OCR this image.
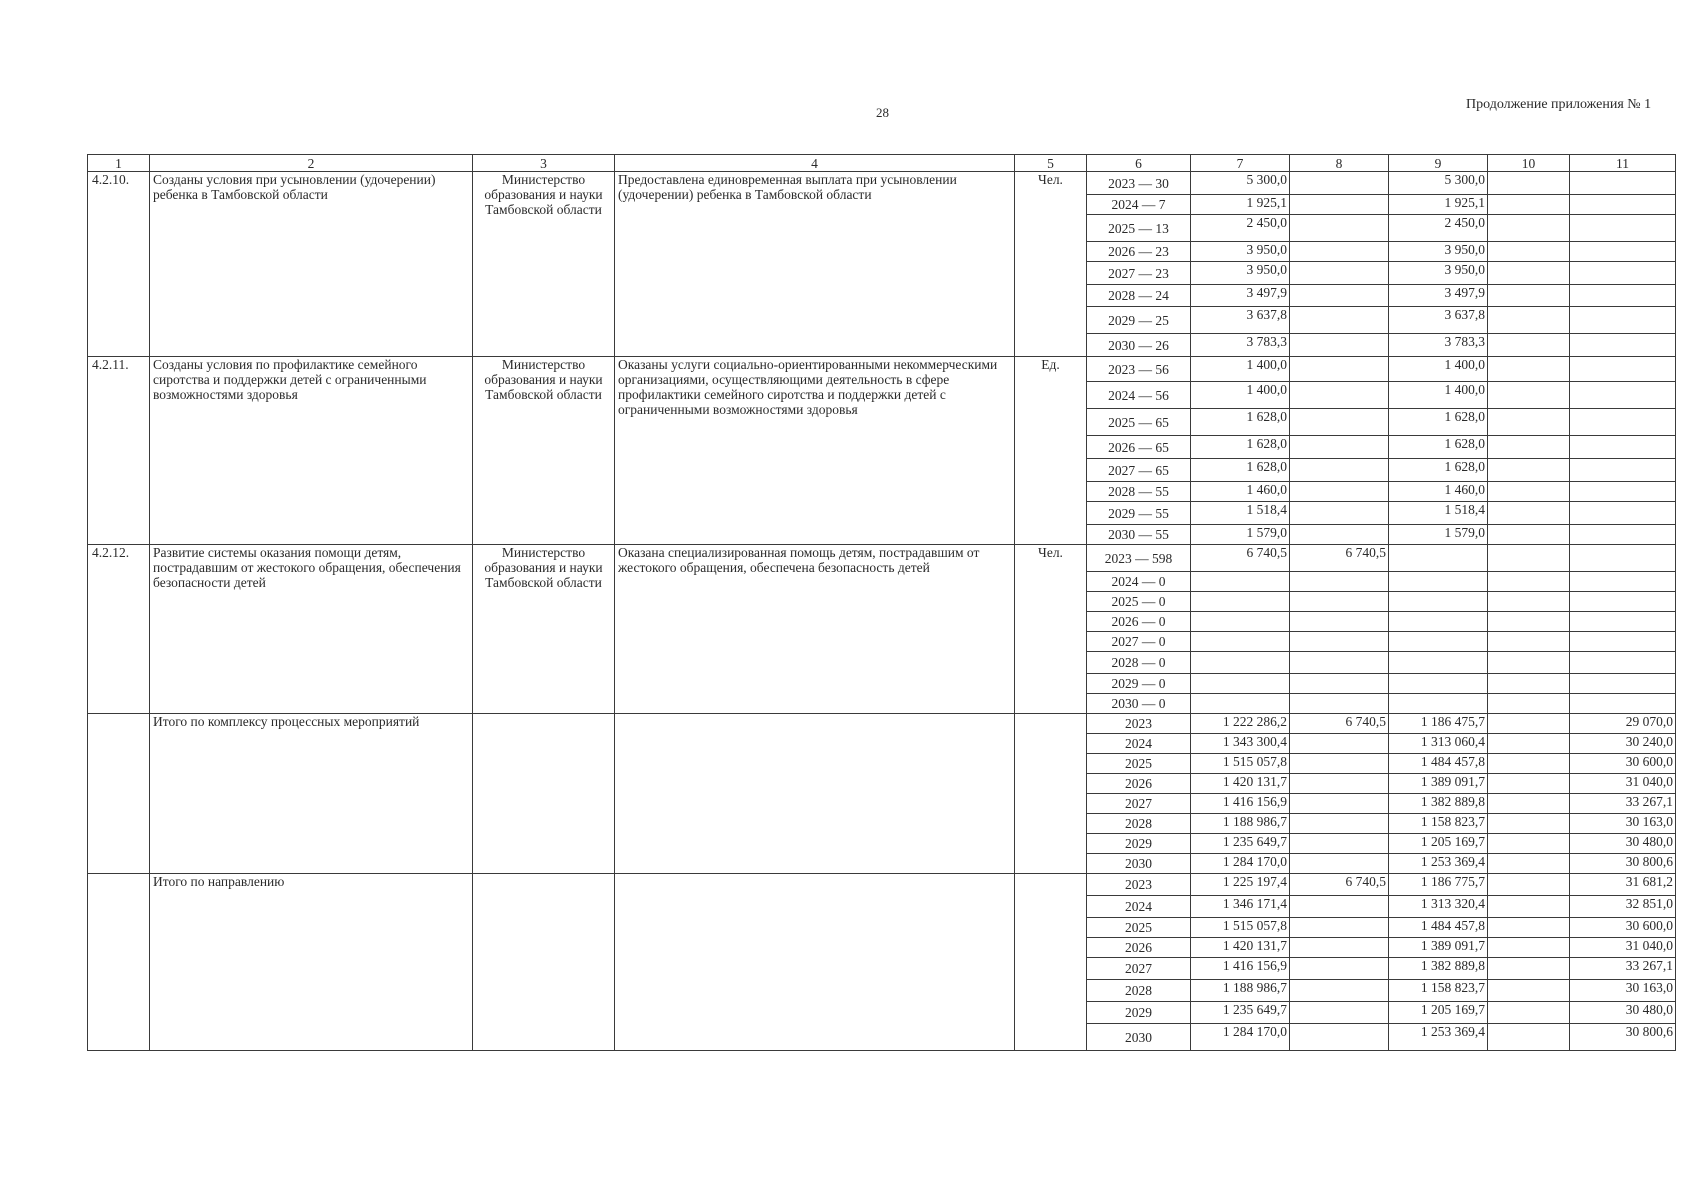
28
Продолжение приложения № 1
1	2	3	4	5	6	7	8	9	10	11
4.2.10.	Созданы условия при усыновлении (удочерении) ребенка в Тамбовской области	Министерство образования и науки Тамбовской области	Предоставлена единовременная выплата при усыновлении (удочерении) ребенка в Тамбовской области	Чел.	2023 — 30	5 300,0		5 300,0		
					2024 — 7	1 925,1		1 925,1		
					2025 — 13	2 450,0		2 450,0		
					2026 — 23	3 950,0		3 950,0		
					2027 — 23	3 950,0		3 950,0		
					2028 — 24	3 497,9		3 497,9		
					2029 — 25	3 637,8		3 637,8		
					2030 — 26	3 783,3		3 783,3		
4.2.11.	Созданы условия по профилактике семейного сиротства и поддержки детей с ограниченными возможностями здоровья	Министерство образования и науки Тамбовской области	Оказаны услуги социально-ориентированными некоммерческими организациями, осуществляющими деятельность в сфере профилактики семейного сиротства и поддержки детей с ограниченными возможностями здоровья	Ед.	2023 — 56	1 400,0		1 400,0		
					2024 — 56	1 400,0		1 400,0		
					2025 — 65	1 628,0		1 628,0		
					2026 — 65	1 628,0		1 628,0		
					2027 — 65	1 628,0		1 628,0		
					2028 — 55	1 460,0		1 460,0		
					2029 — 55	1 518,4		1 518,4		
					2030 — 55	1 579,0		1 579,0		
4.2.12.	Развитие системы оказания помощи детям, пострадавшим от жестокого обращения, обеспечения безопасности детей	Министерство образования и науки Тамбовской области	Оказана специализированная помощь детям, пострадавшим от жестокого обращения, обеспечена безопасность детей	Чел.	2023 — 598	6 740,5	6 740,5			
					2024 — 0					
					2025 — 0					
					2026 — 0					
					2027 — 0					
					2028 — 0					
					2029 — 0					
					2030 — 0					
	Итого по комплексу процессных мероприятий				2023	1 222 286,2	6 740,5	1 186 475,7		29 070,0
					2024	1 343 300,4		1 313 060,4		30 240,0
					2025	1 515 057,8		1 484 457,8		30 600,0
					2026	1 420 131,7		1 389 091,7		31 040,0
					2027	1 416 156,9		1 382 889,8		33 267,1
					2028	1 188 986,7		1 158 823,7		30 163,0
					2029	1 235 649,7		1 205 169,7		30 480,0
					2030	1 284 170,0		1 253 369,4		30 800,6
	Итого по направлению				2023	1 225 197,4	6 740,5	1 186 775,7		31 681,2
					2024	1 346 171,4		1 313 320,4		32 851,0
					2025	1 515 057,8		1 484 457,8		30 600,0
					2026	1 420 131,7		1 389 091,7		31 040,0
					2027	1 416 156,9		1 382 889,8		33 267,1
					2028	1 188 986,7		1 158 823,7		30 163,0
					2029	1 235 649,7		1 205 169,7		30 480,0
					2030	1 284 170,0		1 253 369,4		30 800,6
